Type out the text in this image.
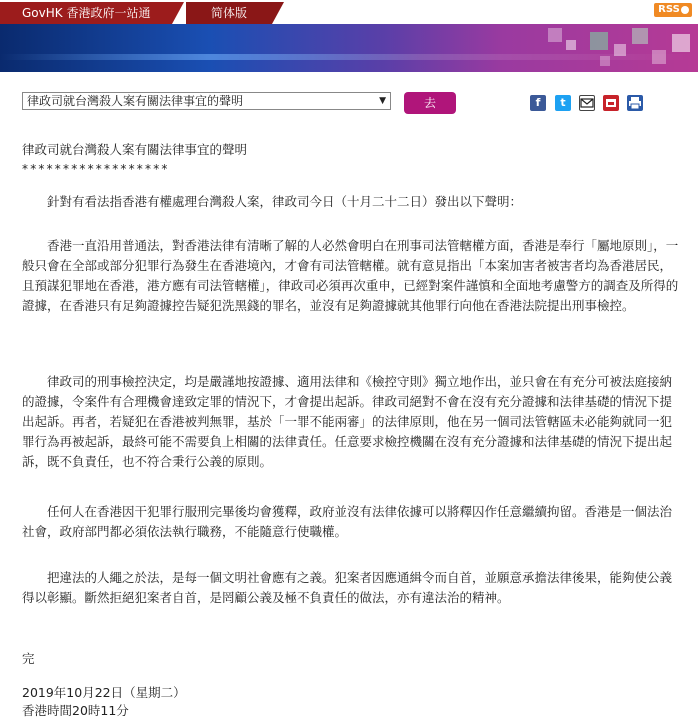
GovHK 香港政府一站通	简体版	RSS
律政司就台灣殺人案有關法律事宜的聲明	▼	去	f	t

律政司就台灣殺人案有關法律事宜的聲明

******************

針對有看法指香港有權處理台灣殺人案，律政司今日（十月二十二日）發出以下聲明：

香港一直沿用普通法，對香港法律有清晰了解的人必然會明白在刑事司法管轄權方面，香港是奉行「屬地原則」，一般只會在全部或部分犯罪行為發生在香港境內，才會有司法管轄權。就有意見指出「本案加害者被害者均為香港居民，且預謀犯罪地在香港，港方應有司法管轄權」，律政司必須再次重申，已經對案件謹慎和全面地考慮警方的調查及所得的證據，在香港只有足夠證據控告疑犯洗黑錢的罪名，並沒有足夠證據就其他罪行向他在香港法院提出刑事檢控。

律政司的刑事檢控決定，均是嚴謹地按證據、適用法律和《檢控守則》獨立地作出，並只會在有充分可被法庭接納的證據，令案件有合理機會達致定罪的情況下，才會提出起訴。律政司絕對不會在沒有充分證據和法律基礎的情況下提出起訴。再者，若疑犯在香港被判無罪，基於「一罪不能兩審」的法律原則，他在另一個司法管轄區未必能夠就同一犯罪行為再被起訴，最終可能不需要負上相關的法律責任。任意要求檢控機關在沒有充分證據和法律基礎的情況下提出起訴，既不負責任，也不符合秉行公義的原則。

任何人在香港因干犯罪行服刑完畢後均會獲釋，政府並沒有法律依據可以將釋囚作任意繼續拘留。香港是一個法治社會，政府部門都必須依法執行職務，不能隨意行使職權。

把違法的人繩之於法，是每一個文明社會應有之義。犯案者因應通緝令而自首，並願意承擔法律後果，能夠使公義得以彰顯。斷然拒絕犯案者自首，是罔顧公義及極不負責任的做法，亦有違法治的精神。

完

2019年10月22日（星期二）

香港時間20時11分
